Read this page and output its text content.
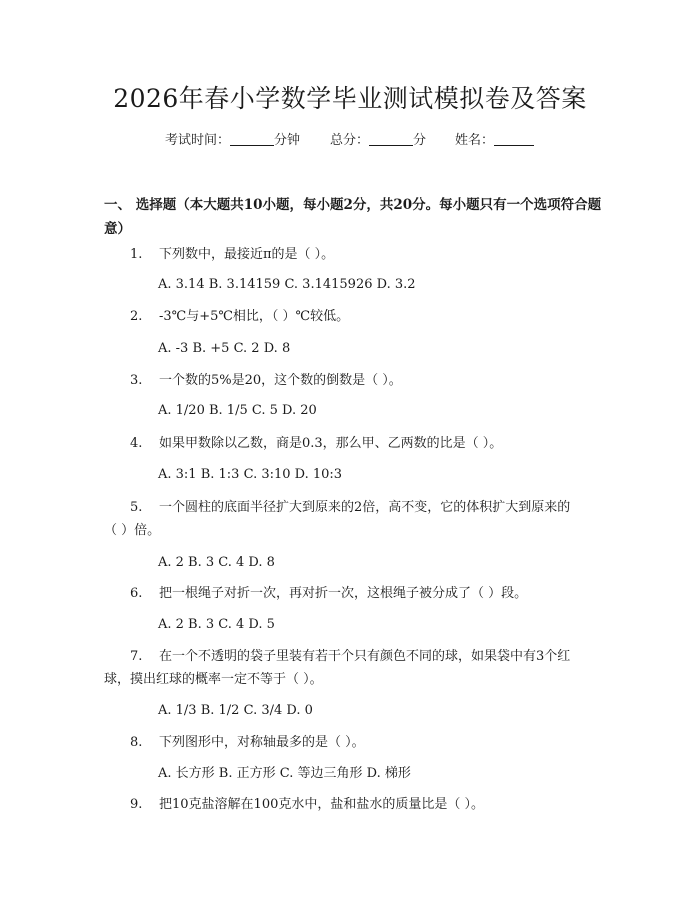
2026年春小学数学毕业测试模拟卷及答案
考试时间：	分钟 总分：	分 姓名：
一、 选择题（本大题共10小题，每小题2分，共20分。每小题只有一个选项符合题意）
1. 下列数中，最接近π的是（ ）。
A. 3.14 B. 3.14159 C. 3.1415926 D. 3.2
2. -3℃与+5℃相比，（ ）℃较低。
A. -3 B. +5 C. 2 D. 8
3. 一个数的5%是20，这个数的倒数是（ ）。
A. 1/20 B. 1/5 C. 5 D. 20
4. 如果甲数除以乙数，商是0.3，那么甲、乙两数的比是（ ）。
A. 3:1 B. 1:3 C. 3:10 D. 10:3
5. 一个圆柱的底面半径扩大到原来的2倍，高不变，它的体积扩大到原来的
（ ）倍。
A. 2 B. 3 C. 4 D. 8
6. 把一根绳子对折一次，再对折一次，这根绳子被分成了（ ）段。
A. 2 B. 3 C. 4 D. 5
7. 在一个不透明的袋子里装有若干个只有颜色不同的球，如果袋中有3个红
球，摸出红球的概率一定不等于（ ）。
A. 1/3 B. 1/2 C. 3/4 D. 0
8. 下列图形中，对称轴最多的是（ ）。
A. 长方形 B. 正方形 C. 等边三角形 D. 梯形
9. 把10克盐溶解在100克水中，盐和盐水的质量比是（ ）。
